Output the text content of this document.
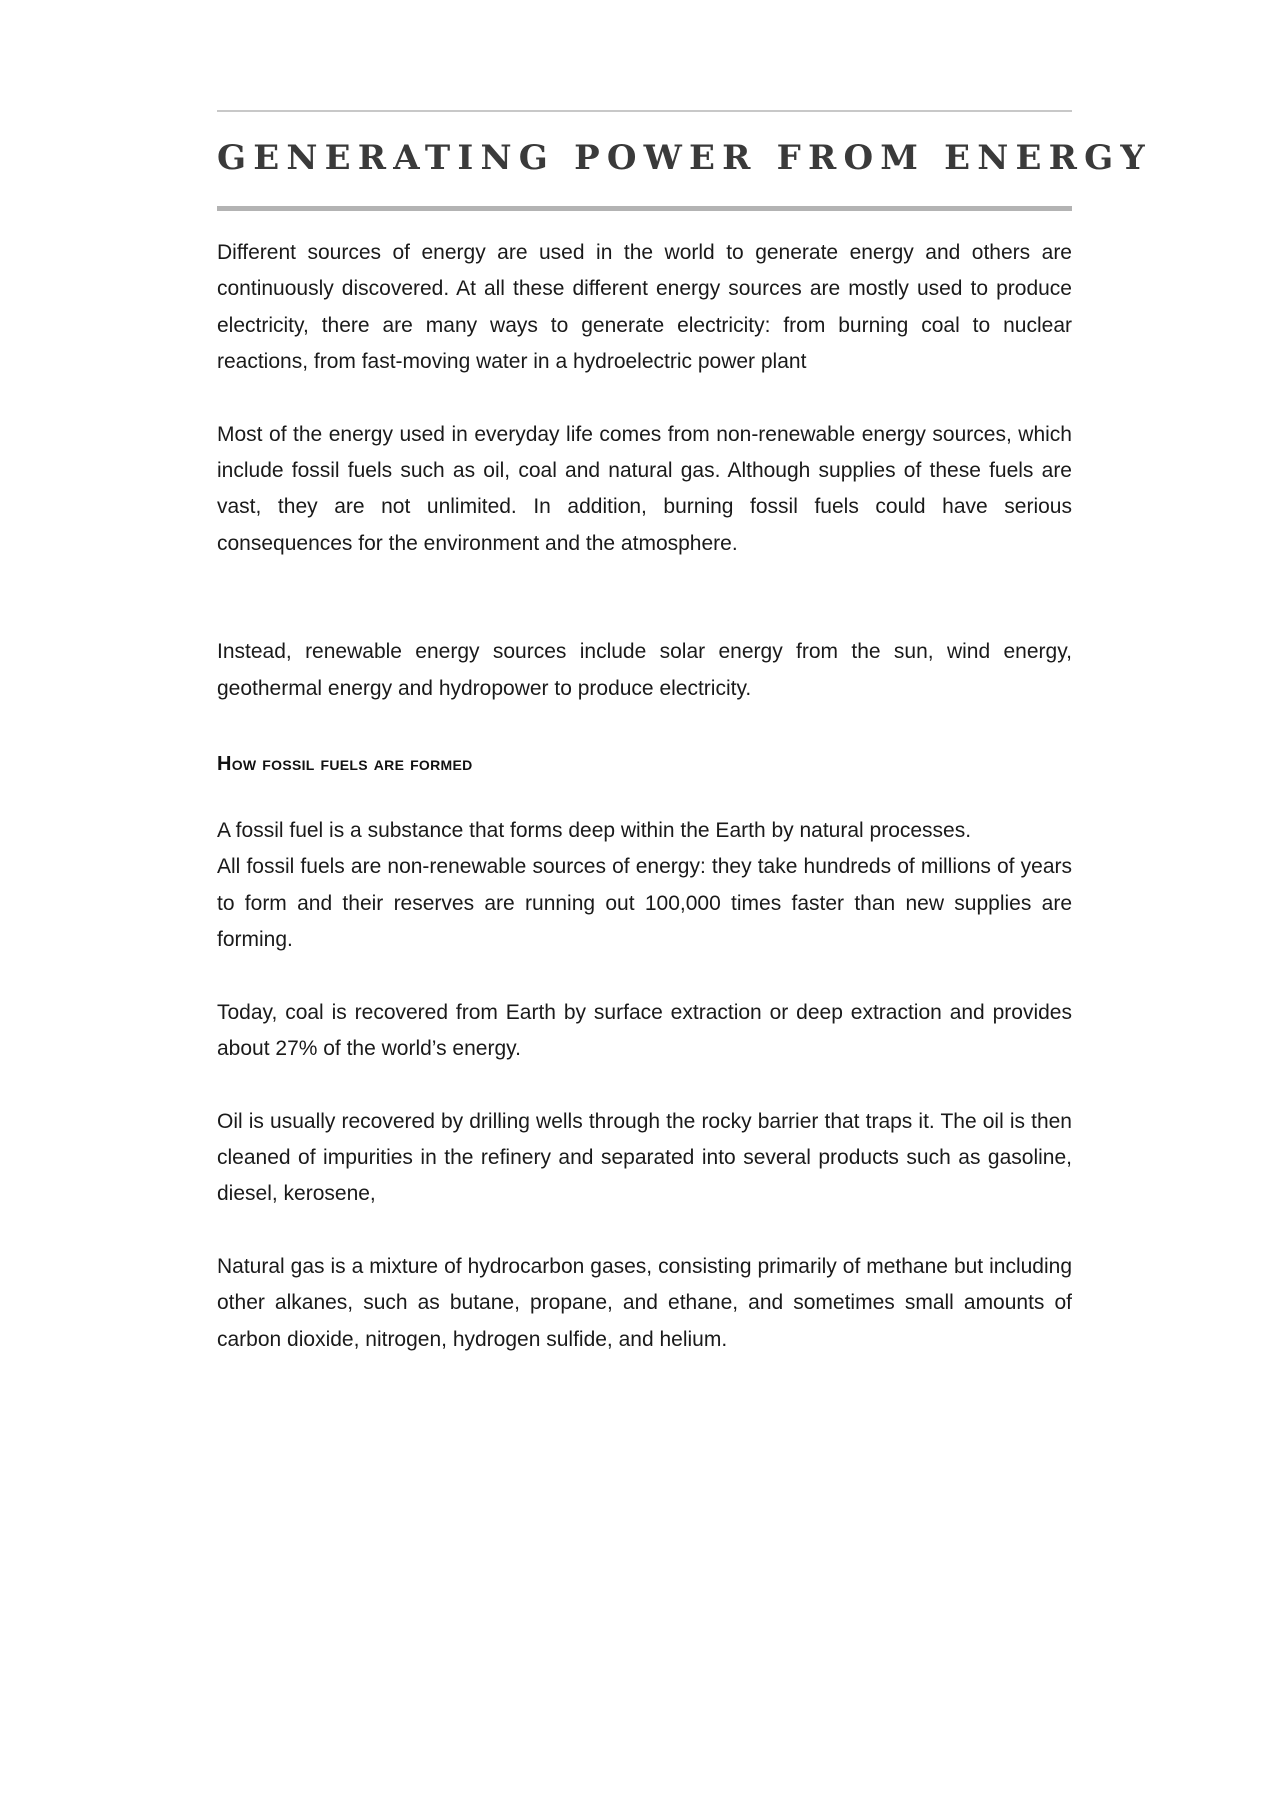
GENERATING POWER FROM ENERGY

Different sources of energy are used in the world to generate energy and others are continuously discovered. At all these different energy sources are mostly used to produce electricity, there are many ways to generate electricity: from burning coal to nuclear reactions, from fast-moving water in a hydroelectric power plant

Most of the energy used in everyday life comes from non-renewable energy sources, which include fossil fuels such as oil, coal and natural gas. Although supplies of these fuels are vast, they are not unlimited. In addition, burning fossil fuels could have serious consequences for the environment and the atmosphere.

Instead, renewable energy sources include solar energy from the sun, wind energy, geothermal energy and hydropower to produce electricity.

How fossil fuels are formed

A fossil fuel is a substance that forms deep within the Earth by natural processes.

All fossil fuels are non-renewable sources of energy: they take hundreds of millions of years to form and their reserves are running out 100,000 times faster than new supplies are forming.

Today, coal is recovered from Earth by surface extraction or deep extraction and provides about 27% of the world’s energy.

Oil is usually recovered by drilling wells through the rocky barrier that traps it. The oil is then cleaned of impurities in the refinery and separated into several products such as gasoline, diesel, kerosene,

Natural gas is a mixture of hydrocarbon gases, consisting primarily of methane but including other alkanes, such as butane, propane, and ethane, and sometimes small amounts of carbon dioxide, nitrogen, hydrogen sulfide, and helium.
